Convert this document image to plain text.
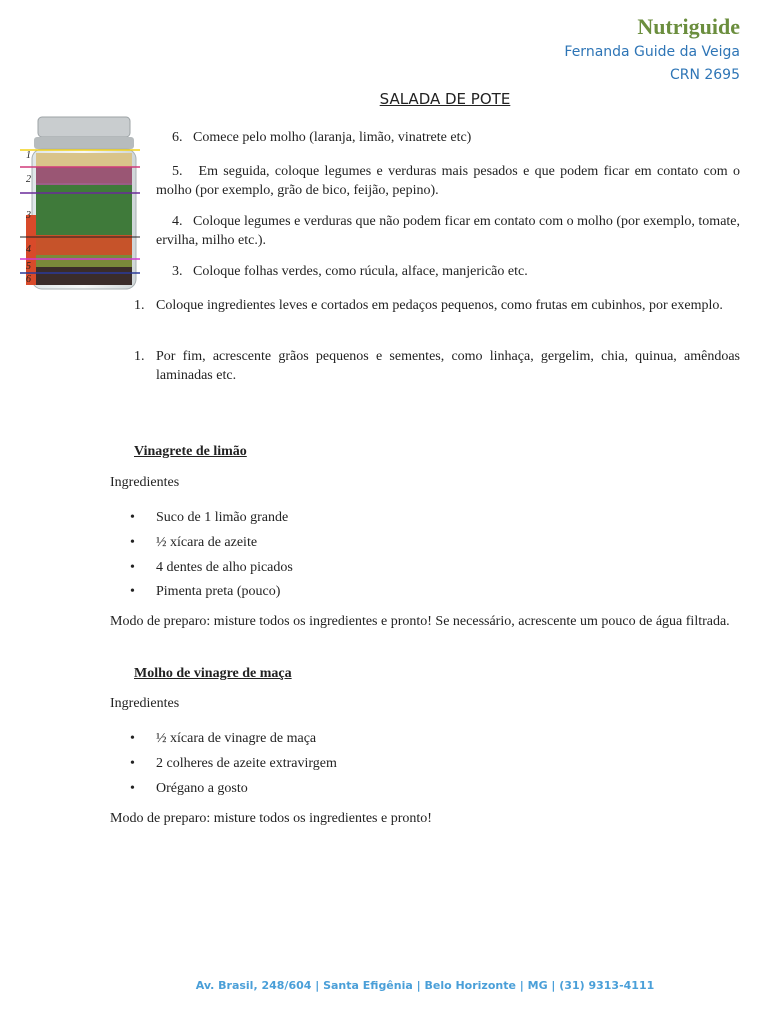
Nutriguide
Fernanda Guide da Veiga
CRN 2695
SALADA DE POTE
1
2
3
4
5
6
6. Comece pelo molho (laranja, limão, vinatrete etc)
5. Em seguida, coloque legumes e verduras mais pesados e que podem ficar em contato com o molho (por exemplo, grão de bico, feijão, pepino).
4. Coloque legumes e verduras que não podem ficar em contato com o molho (por exemplo, tomate, ervilha, milho etc.).
3. Coloque folhas verdes, como rúcula, alface, manjericão etc.
1. Coloque ingredientes leves e cortados em pedaços pequenos, como frutas em cubinhos, por exemplo.
1. Por fim, acrescente grãos pequenos e sementes, como linhaça, gergelim, chia, quinua, amêndoas laminadas etc.
Vinagrete de limão
Ingredientes
• Suco de 1 limão grande
• ½ xícara de azeite
• 4 dentes de alho picados
• Pimenta preta (pouco)
Modo de preparo: misture todos os ingredientes e pronto! Se necessário, acrescente um pouco de água filtrada.
Molho de vinagre de maça
Ingredientes
• ½ xícara de vinagre de maça
• 2 colheres de azeite extravirgem
• Orégano a gosto
Modo de preparo: misture todos os ingredientes e pronto!
Av. Brasil, 248/604 | Santa Efigênia | Belo Horizonte | MG | (31) 9313-4111
